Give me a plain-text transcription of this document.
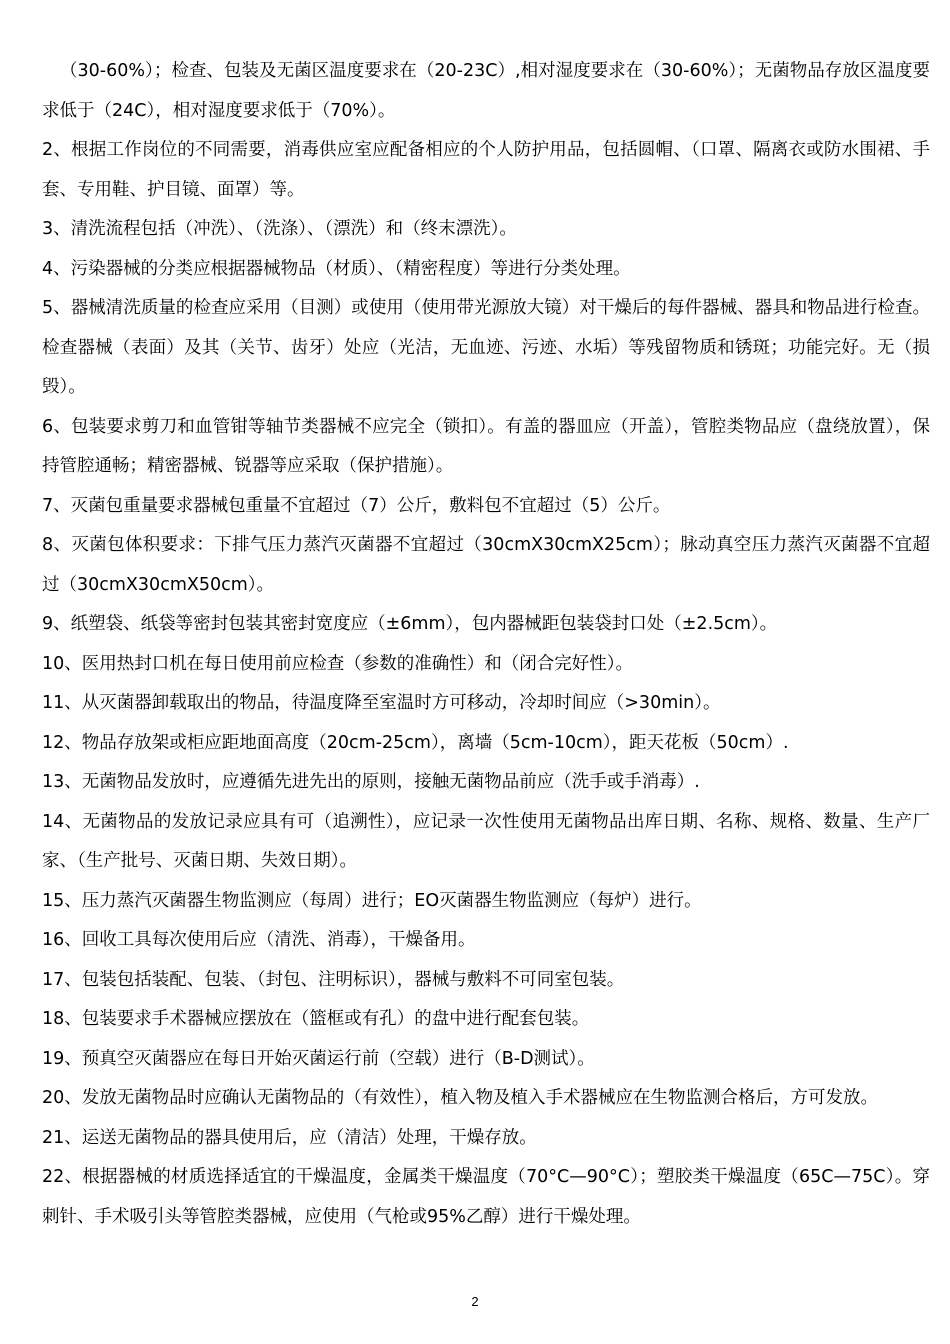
（30-60%）；检查、包装及无菌区温度要求在（20-23C）,相对湿度要求在（30-60%）；无菌物品存放区温度要求低于（24C），相对湿度要求低于（70%）。

2、根据工作岗位的不同需要，消毒供应室应配备相应的个人防护用品，包括圆帽、（口罩、隔离衣或防水围裙、手套、专用鞋、护目镜、面罩）等。

3、清洗流程包括（冲洗）、（洗涤）、（漂洗）和（终末漂洗）。

4、污染器械的分类应根据器械物品（材质）、（精密程度）等进行分类处理。

5、器械清洗质量的检查应采用（目测）或使用（使用带光源放大镜）对干燥后的每件器械、器具和物品进行检查。检查器械（表面）及其（关节、齿牙）处应（光洁，无血迹、污迹、水垢）等残留物质和锈斑；功能完好。无（损毁）。

6、包装要求剪刀和血管钳等轴节类器械不应完全（锁扣）。有盖的器皿应（开盖），管腔类物品应（盘绕放置），保持管腔通畅；精密器械、锐器等应采取（保护措施）。

7、灭菌包重量要求器械包重量不宜超过（7）公斤，敷料包不宜超过（5）公斤。

8、灭菌包体积要求：下排气压力蒸汽灭菌器不宜超过（30cmX30cmX25cm）；脉动真空压力蒸汽灭菌器不宜超过（30cmX30cmX50cm）。

9、纸塑袋、纸袋等密封包装其密封宽度应（±6mm），包内器械距包装袋封口处（±2.5cm）。

10、医用热封口机在每日使用前应检查（参数的准确性）和（闭合完好性）。

11、从灭菌器卸载取出的物品，待温度降至室温时方可移动，冷却时间应（>30min）。

12、物品存放架或柜应距地面高度（20cm-25cm），离墙（5cm-10cm），距天花板（50cm）.

13、无菌物品发放时，应遵循先进先出的原则，接触无菌物品前应（洗手或手消毒）.

14、无菌物品的发放记录应具有可（追溯性），应记录一次性使用无菌物品出库日期、名称、规格、数量、生产厂家、（生产批号、灭菌日期、失效日期）。

15、压力蒸汽灭菌器生物监测应（每周）进行；EO灭菌器生物监测应（每炉）进行。

16、回收工具每次使用后应（清洗、消毒），干燥备用。

17、包装包括装配、包装、（封包、注明标识），器械与敷料不可同室包装。

18、包装要求手术器械应摆放在（篮框或有孔）的盘中进行配套包装。

19、预真空灭菌器应在每日开始灭菌运行前（空载）进行（B-D测试）。

20、发放无菌物品时应确认无菌物品的（有效性），植入物及植入手术器械应在生物监测合格后，方可发放。

21、运送无菌物品的器具使用后，应（清洁）处理，干燥存放。

22、根据器械的材质选择适宜的干燥温度，金属类干燥温度（70°C—90°C）；塑胶类干燥温度（65C—75C）。穿刺针、手术吸引头等管腔类器械，应使用（气枪或95%乙醇）进行干燥处理。

2
